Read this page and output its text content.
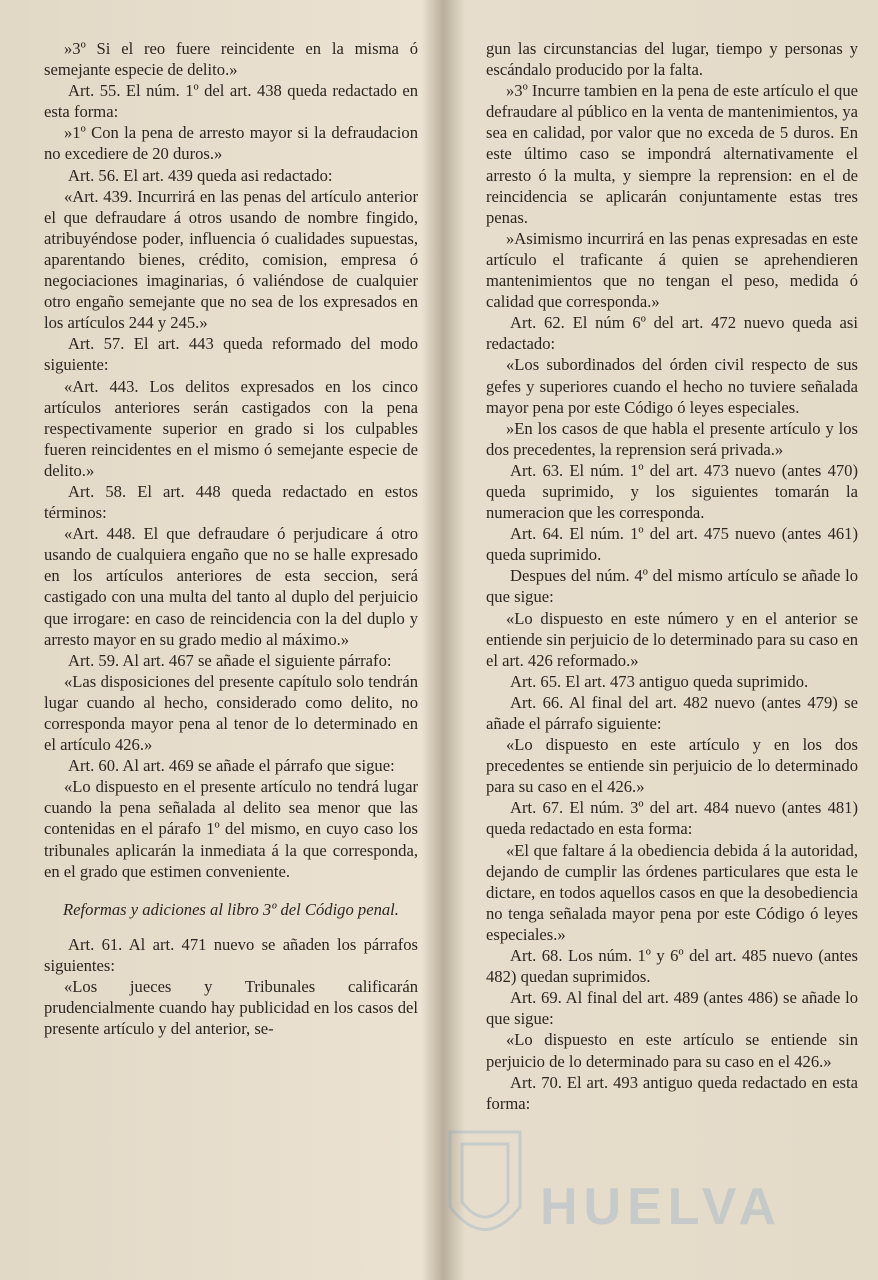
»3º Si el reo fuere reincidente en la misma ó semejante especie de delito.»

Art. 55. El núm. 1º del art. 438 queda redactado en esta forma:

»1º Con la pena de arresto mayor si la defraudacion no excediere de 20 duros.»

Art. 56. El art. 439 queda asi redactado:

«Art. 439. Incurrirá en las penas del artículo anterior el que defraudare á otros usando de nombre fingido, atribuyéndose poder, influencia ó cualidades supuestas, aparentando bienes, crédito, comision, empresa ó negociaciones imaginarias, ó valiéndose de cualquier otro engaño semejante que no sea de los expresados en los artículos 244 y 245.»

Art. 57. El art. 443 queda reformado del modo siguiente:

«Art. 443. Los delitos expresados en los cinco artículos anteriores serán castigados con la pena respectivamente superior en grado si los culpables fueren reincidentes en el mismo ó semejante especie de delito.»

Art. 58. El art. 448 queda redactado en estos términos:

«Art. 448. El que defraudare ó perjudicare á otro usando de cualquiera engaño que no se halle expresado en los artículos anteriores de esta seccion, será castigado con una multa del tanto al duplo del perjuicio que irrogare: en caso de reincidencia con la del duplo y arresto mayor en su grado medio al máximo.»

Art. 59. Al art. 467 se añade el siguiente párrafo:

«Las disposiciones del presente capítulo solo tendrán lugar cuando al hecho, considerado como delito, no corresponda mayor pena al tenor de lo determinado en el artículo 426.»

Art. 60. Al art. 469 se añade el párrafo que sigue:

«Lo dispuesto en el presente artículo no tendrá lugar cuando la pena señalada al delito sea menor que las contenidas en el párafo 1º del mismo, en cuyo caso los tribunales aplicarán la inmediata á la que corresponda, en el grado que estimen conveniente.

Reformas y adiciones al libro 3º del Código penal.

Art. 61. Al art. 471 nuevo se añaden los párrafos siguientes:

«Los jueces y Tribunales calificarán prudencialmente cuando hay publicidad en los casos del presente artículo y del anterior, se-

gun las circunstancias del lugar, tiempo y personas y escándalo producido por la falta.

»3º Incurre tambien en la pena de este artículo el que defraudare al público en la venta de mantenimientos, ya sea en calidad, por valor que no exceda de 5 duros. En este último caso se impondrá alternativamente el arresto ó la multa, y siempre la reprension: en el de reincidencia se aplicarán conjuntamente estas tres penas.

»Asimismo incurrirá en las penas expresadas en este artículo el traficante á quien se aprehendieren mantenimientos que no tengan el peso, medida ó calidad que corresponda.»

Art. 62. El núm 6º del art. 472 nuevo queda asi redactado:

«Los subordinados del órden civil respecto de sus gefes y superiores cuando el hecho no tuviere señalada mayor pena por este Código ó leyes especiales.

»En los casos de que habla el presente artículo y los dos precedentes, la reprension será privada.»

Art. 63. El núm. 1º del art. 473 nuevo (antes 470) queda suprimido, y los siguientes tomarán la numeracion que les corresponda.

Art. 64. El núm. 1º del art. 475 nuevo (antes 461) queda suprimido.

Despues del núm. 4º del mismo artículo se añade lo que sigue:

«Lo dispuesto en este número y en el anterior se entiende sin perjuicio de lo determinado para su caso en el art. 426 reformado.»

Art. 65. El art. 473 antiguo queda suprimido.

Art. 66. Al final del art. 482 nuevo (antes 479) se añade el párrafo siguiente:

«Lo dispuesto en este artículo y en los dos precedentes se entiende sin perjuicio de lo determinado para su caso en el 426.»

Art. 67. El núm. 3º del art. 484 nuevo (antes 481) queda redactado en esta forma:

«El que faltare á la obediencia debida á la autoridad, dejando de cumplir las órdenes particulares que esta le dictare, en todos aquellos casos en que la desobediencia no tenga señalada mayor pena por este Código ó leyes especiales.»

Art. 68. Los núm. 1º y 6º del art. 485 nuevo (antes 482) quedan suprimidos.

Art. 69. Al final del art. 489 (antes 486) se añade lo que sigue:

«Lo dispuesto en este artículo se entiende sin perjuicio de lo determinado para su caso en el 426.»

Art. 70. El art. 493 antiguo queda redactado en esta forma:

HUELVA
